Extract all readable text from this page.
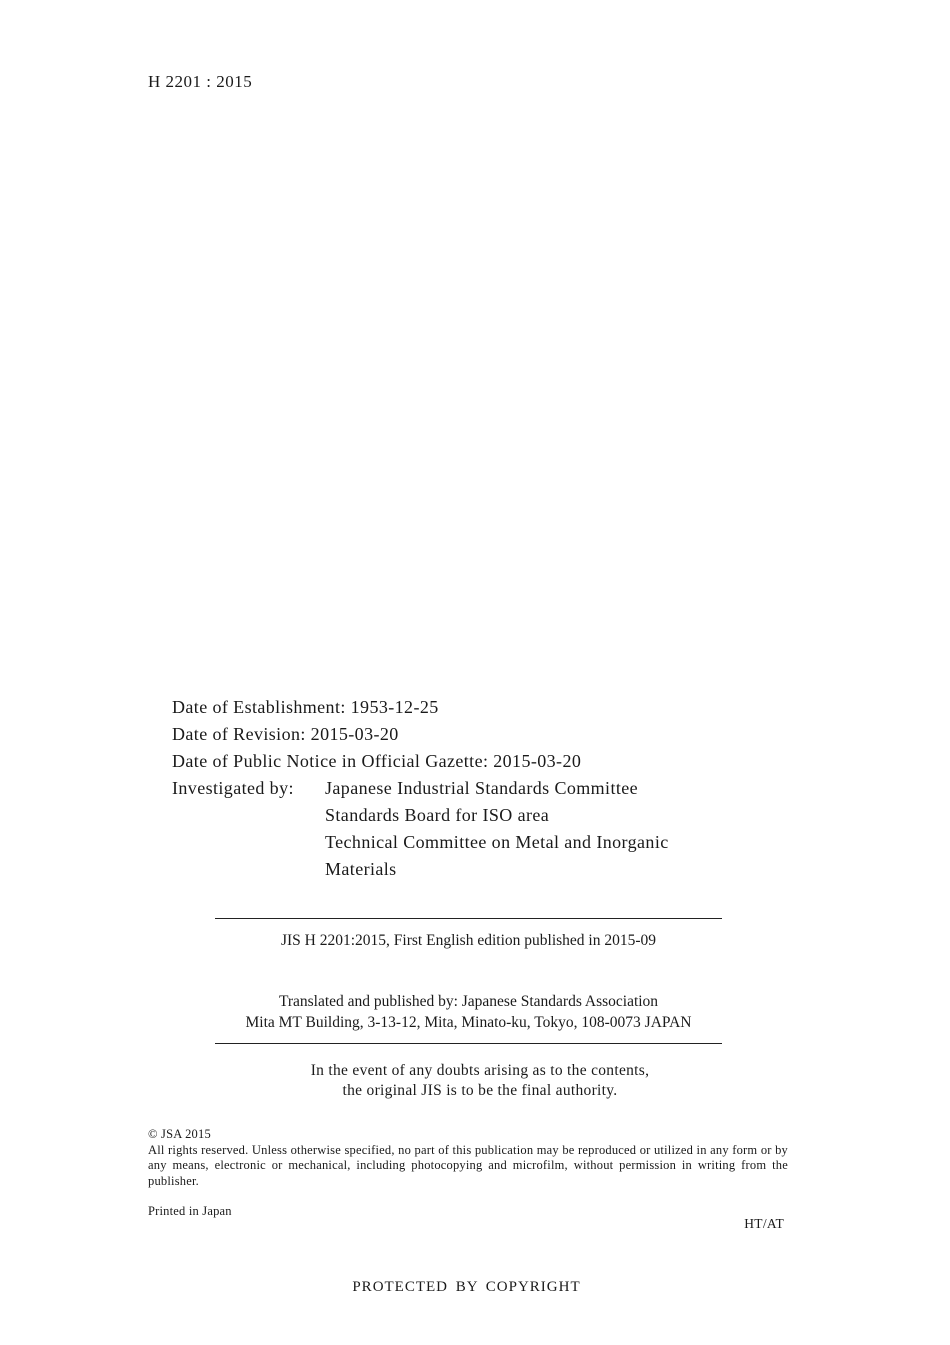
H 2201 : 2015
Date of Establishment: 1953-12-25
Date of Revision: 2015-03-20
Date of Public Notice in Official Gazette: 2015-03-20
Investigated by:	Japanese Industrial Standards Committee
Standards Board for ISO area
Technical Committee on Metal and Inorganic
Materials
JIS H 2201:2015, First English edition published in 2015-09
Translated and published by: Japanese Standards Association
Mita MT Building, 3-13-12, Mita, Minato-ku, Tokyo, 108-0073 JAPAN
In the event of any doubts arising as to the contents,
the original JIS is to be the final authority.
© JSA 2015
All rights reserved. Unless otherwise specified, no part of this publication may be reproduced or utilized in any form or by any means, electronic or mechanical, including photocopying and microfilm, without permission in writing from the publisher.
Printed in Japan
HT/AT
PROTECTED BY COPYRIGHT
